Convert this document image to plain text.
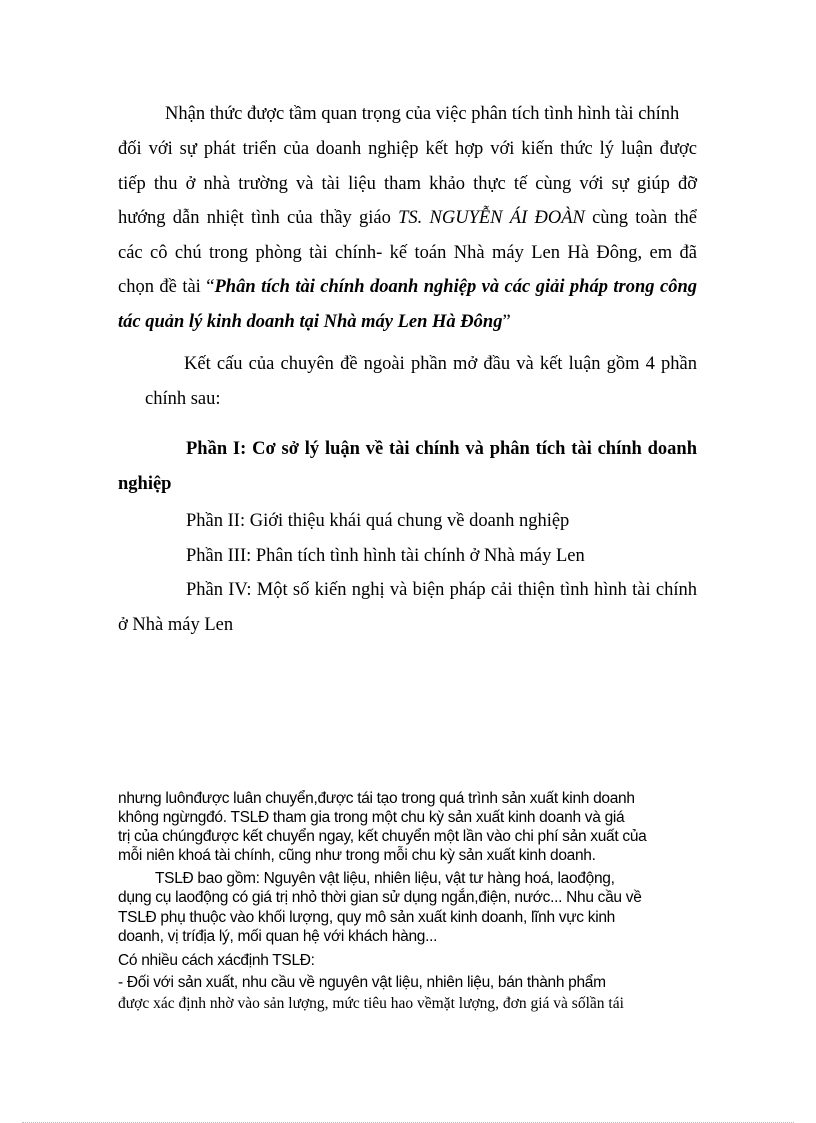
Nhận thức được tầm quan trọng của việc phân tích tình hình tài chính
đối với sự phát triển của doanh nghiệp kết hợp với kiến thức lý luận được
tiếp thu ở nhà trường và tài liệu tham khảo thực tế cùng với sự giúp đỡ
hướng dẫn nhiệt tình của thầy giáo TS. NGUYỄN ÁI ĐOÀN cùng toàn thể
các cô chú trong phòng tài chính- kế toán Nhà máy Len Hà Đông, em đã
chọn đề tài “Phân tích tài chính doanh nghiệp và các giải pháp trong công
tác quản lý kinh doanh tại Nhà máy Len Hà Đông”
Kết cấu của chuyên đề ngoài phần mở đầu và kết luận gồm 4 phần
chính sau:
Phần I: Cơ sở lý luận về tài chính và phân tích tài chính doanh
nghiệp
Phần II: Giới thiệu khái quá chung về doanh nghiệp
Phần III: Phân tích tình hình tài chính ở Nhà máy Len
Phần IV: Một số kiến nghị và biện pháp cải thiện tình hình tài chính
ở Nhà máy Len
nhưng luônđược luân chuyển,được tái tạo trong quá trình sản xuất kinh doanh
không ngừngđó. TSLĐ tham gia trong một chu kỳ sản xuất kinh doanh và giá
trị của chúngđược kết chuyển ngay, kết chuyển một lần vào chi phí sản xuất của
mỗi niên khoá tài chính, cũng như trong mỗi chu kỳ sản xuất kinh doanh.
TSLĐ bao gồm: Nguyên vật liệu, nhiên liệu, vật tư hàng hoá, laođộng,
dụng cụ laođộng có giá trị nhỏ thời gian sử dụng ngắn,điện, nước... Nhu cầu về
TSLĐ phụ thuộc vào khối lượng, quy mô sản xuất kinh doanh, lĩnh vực kinh
doanh, vị tríđịa lý, mối quan hệ với khách hàng...
Có nhiều cách xácđịnh TSLĐ:
- Đối với sản xuất, nhu cầu về nguyên vật liệu, nhiên liệu, bán thành phẩm
được xác định nhờ vào sản lượng, mức tiêu hao vềmặt lượng, đơn giá và sốlần tái
